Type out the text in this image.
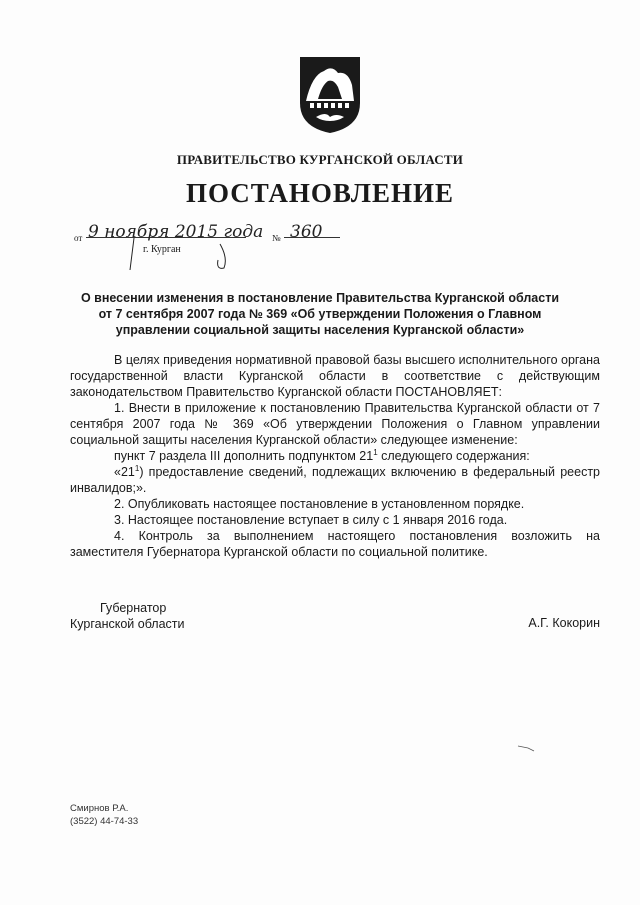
ПРАВИТЕЛЬСТВО КУРГАНСКОЙ ОБЛАСТИ
ПОСТАНОВЛЕНИЕ
от 9 ноября 2015 года № 360
г. Курган
О внесении изменения в постановление Правительства Курганской области
от 7 сентября 2007 года № 369 «Об утверждении Положения о Главном
управлении социальной защиты населения Курганской области»

В целях приведения нормативной правовой базы высшего исполнительного органа государственной власти Курганской области в соответствие с действующим законодательством Правительство Курганской области ПОСТАНОВЛЯЕТ:

1. Внести в приложение к постановлению Правительства Курганской области от 7 сентября 2007 года № 369 «Об утверждении Положения о Главном управлении социальной защиты населения Курганской области» следующее изменение:

пункт 7 раздела III дополнить подпунктом $21^1$ следующего содержания:

«$21^1$) предоставление сведений, подлежащих включению в федеральный реестр инвалидов;».

2. Опубликовать настоящее постановление в установленном порядке.

3. Настоящее постановление вступает в силу с 1 января 2016 года.

4. Контроль за выполнением настоящего постановления возложить на заместителя Губернатора Курганской области по социальной политике.

Губернатор
Курганской области	А.Г. Кокорин
Смирнов Р.А.
(3522) 44-74-33
